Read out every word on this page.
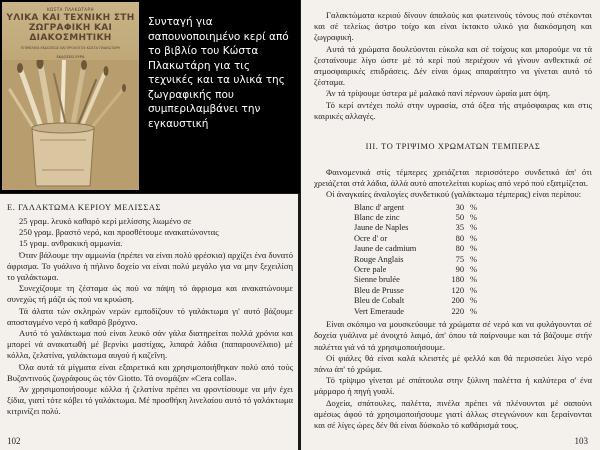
ΚΩΣΤΑ ΠΛΑΚΩΤΑΡΗ
ΥΛΙΚΑ ΚΑΙ ΤΕΧΝΙΚΗ ΣΤΗ ΖΩΓΡΑΦΙΚΗ ΚΑΙ ΔΙΑΚΟΣΜΗΤΙΚΗ
ΕΠΙΜΕΛΕΙΑ ΕΚΔΟΣΕΩΣ ΚΑΙ ΠΡΟΛΟΓΟΣ ΚΩΣΤΑ ΠΛΑΚΩΤΑΡΗ
ΕΚΔΟΣΕΙΣ ΕΥΡΑ
Συνταγή για σαπουνοποιημένο κερί από το βιβλίο του Κώστα Πλακωτάρη για τις τεχνικές και τα υλικά της ζωγραφικής που συμπεριλαμβάνει την εγκαυστική
Ε. ΓΑΛΑΚΤΩΜΑ ΚΕΡΙΟΥ ΜΕΛΙΣΣΑΣ
25 γραμ. λευκό καθαρό κερί μελίσσης λιωμένο σε
250 γραμ. βραστό νερό, και προσθέτουμε ανακατώνοντας
15 γραμ. ανθρακική αμμωνία.

Όταν βάλουμε την αμμωνία (πρέπει να είναι πολύ φρέσκια) αρχίζει ένα δυνατό άφρισμα. Το γυάλινο ή πήλινο δοχείο να είναι πολύ μεγάλο για να μην ξεχειλίση το γαλάκτωμα.

Συνεχίζουμε τη ζέσταμα ώς πού να πάψη τό άφρισμα και ανακατώνουμε συνεχώς τή μάζα ώς πού να κρυώση.

Τά άλατα τών σκληρών νερών εμποδίζουν τό γαλάκτωμα γι' αυτό βάζουμε αποσταγμένο νερό ή καθαρό βρόχινο.

Αυτό τό γαλάκτωμα πού είναι λευκό σάν γάλα διατηρείται πολλά χρόνια και μπορεί νά ανακατωθή μέ βερνίκι μαστίχας, λιπαρά λάδια (παπαρουνέλαιο) μέ κόλλα, ζελατίνα, γαλάκτωμα αυγού ή καζεΐνη.

Όλα αυτά τά μίγματα είναι εξαιρετικά και χρησιμοποιήθηκαν πολύ από τούς Βυζαντινούς ζωγράφους ώς τόν Giotto. Τά ονομάζαν «Cera colla».

Άν χρησιμοποιήσουμε κόλλα ή ζελατίνα πρέπει να φροντίσουμε να μήν έχει ξίδια, γιατί τότε κόβει τό γαλάκτωμα. Μέ προσθήκη λινελαίου αυτό τό γαλάκτωμα κιτρινίζει πολύ.

102

Γαλακτώματα κεριού δίνουν άπαλούς και φωτεινούς τόνους πού στέκονται και σέ τελείως άστρο τοίχο και είναι ίκτακτο υλικό για διακόσμηση και ζωγραφική.

Αυτά τά χρώματα δουλεύονται εύκολα και σέ τοίχους και μπορούμε να τά ζεσταίνουμε λίγο ώστε μέ τό κερί πού περιέχουν νά γίνουν ανθεκτικά σέ ατμοσφαιρικές επιδράσεις. Δέν είναι όμως απαραίτητο να γίνεται αυτό τό ζέσταμα.

Άν τά τρίψουμε ύστερα μέ μαλακό πανί πέρνουν ώραία ματ όψη.

Τό κερί αντέχει πολύ στην υγρασία, στά όξεα τής ατμόσφαιρας και στις καιρικές αλλαγές.

III. ΤΟ ΤΡΙΨΙΜΟ ΧΡΩΜΑΤΩΝ ΤΕΜΠΕΡΑΣ

Φαινομενικά στίς τέμπερες χρειάζεται περισσότερο συνδετικό άπ' ότι χρειάζεται στά λάδια, άλλά αυτό αποτελείται κυρίως από νερό πού εξατμίζεται.

Οί άναγκαίες άναλογίες συνδετικού (γαλάκτωμα τέμπερας) είναι περίπου:

Blanc d' argent	30	%
Blanc de zinc	50	%
Jaune de Naples	35	%
Ocre d' or	80	%
Jaune de cadmium	80	%
Rouge Anglais	75	%
Ocre pale	90	%
Sienne brulée	180	%
Bleu de Prusse	120	%
Bleu de Cobalt	200	%
Vert Emeraude	220	%

Είναι σκόπιμο να μουσκεύουμε τά χρώματα σέ νερό και να φυλάγουνται σέ δοχεία γυάλινα μέ άνοιχτό λαιμό, άπ' όπου τά παίρνουμε και τά βάζουμε στήν παλέττα γιά νά τά χρησιμοποιήσουμε.

Οί φιάλες θά είναι καλά κλειστές μέ φελλό και θά περισσεύει λίγο νερό πάνω άπ' τό χρώμα.

Τό τρίψιμο γίνεται μέ σπάτουλα στην ξύλινη παλέττα ή καλύτερα σ' ένα μάρμαρο ή πηγή γυαλί.

Δοχεία, σπάτουλες, παλέττα, πινέλα πρέπει νά πλένουνται μέ σαπούνι αμέσως άφού τά χρησιμοποιήσουμε γιατί άλλως στεγνώνουν και ξεραίνονται και σέ λίγες ώρες δέν θά είναι δύσκολο τό καθάρισμά τους.

103
